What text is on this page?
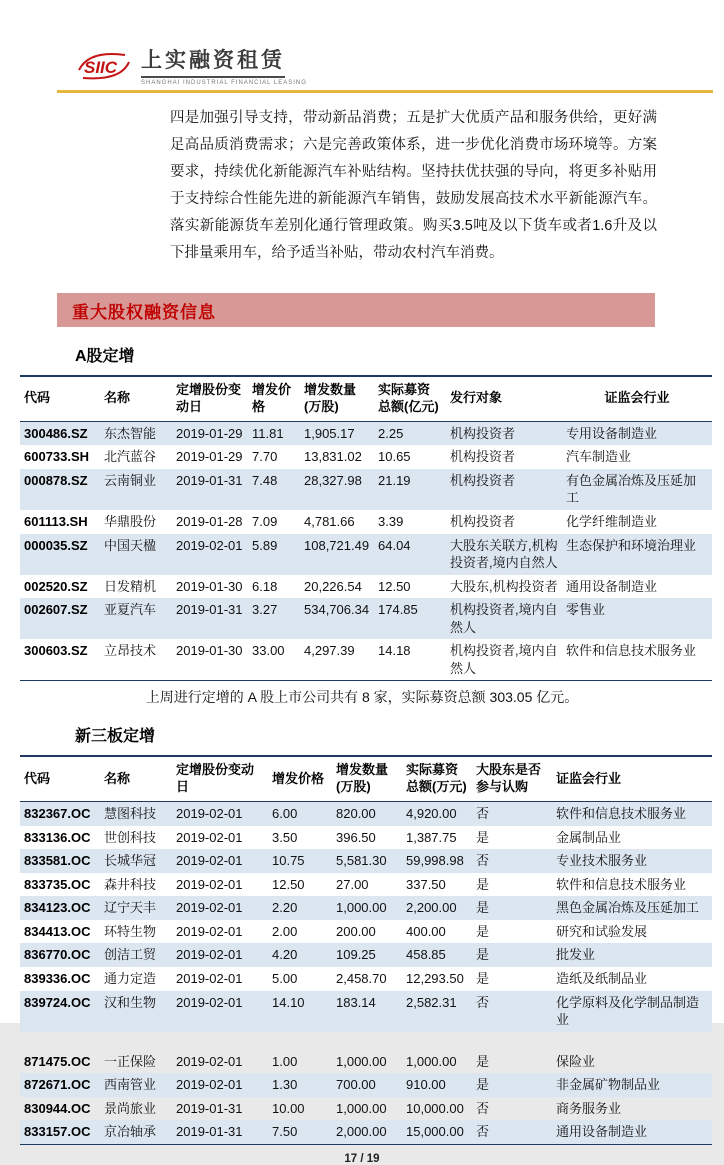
SIIC 上实融资租赁
SHANGHAI INDUSTRIAL FINANCIAL LEASING
四是加强引导支持，带动新品消费；五是扩大优质产品和服务供给，更好满足高品质消费需求；六是完善政策体系，进一步优化消费市场环境等。方案要求，持续优化新能源汽车补贴结构。坚持扶优扶强的导向，将更多补贴用于支持综合性能先进的新能源汽车销售，鼓励发展高技术水平新能源汽车。落实新能源货车差别化通行管理政策。购买3.5吨及以下货车或者1.6升及以下排量乘用车，给予适当补贴，带动农村汽车消费。
重大股权融资信息
A股定增
代码	名称	定增股份变动日	增发价格	增发数量(万股)	实际募资总额(亿元)	发行对象	证监会行业
300486.SZ	东杰智能	2019-01-29	11.81	1,905.17	2.25	机构投资者	专用设备制造业
600733.SH	北汽蓝谷	2019-01-29	7.70	13,831.02	10.65	机构投资者	汽车制造业
000878.SZ	云南铜业	2019-01-31	7.48	28,327.98	21.19	机构投资者	有色金属冶炼及压延加工
601113.SH	华鼎股份	2019-01-28	7.09	4,781.66	3.39	机构投资者	化学纤维制造业
000035.SZ	中国天楹	2019-02-01	5.89	108,721.49	64.04	大股东关联方,机构投资者,境内自然人	生态保护和环境治理业
002520.SZ	日发精机	2019-01-30	6.18	20,226.54	12.50	大股东,机构投资者	通用设备制造业
002607.SZ	亚夏汽车	2019-01-31	3.27	534,706.34	174.85	机构投资者,境内自然人	零售业
300603.SZ	立昂技术	2019-01-30	33.00	4,297.39	14.18	机构投资者,境内自然人	软件和信息技术服务业
上周进行定增的 A 股上市公司共有 8 家，实际募资总额 303.05 亿元。
新三板定增
代码	名称	定增股份变动日	增发价格	增发数量(万股)	实际募资总额(万元)	大股东是否参与认购	证监会行业
832367.OC	慧图科技	2019-02-01	6.00	820.00	4,920.00	否	软件和信息技术服务业
833136.OC	世创科技	2019-02-01	3.50	396.50	1,387.75	是	金属制品业
833581.OC	长城华冠	2019-02-01	10.75	5,581.30	59,998.98	否	专业技术服务业
833735.OC	森井科技	2019-02-01	12.50	27.00	337.50	是	软件和信息技术服务业
834123.OC	辽宁天丰	2019-02-01	2.20	1,000.00	2,200.00	是	黑色金属冶炼及压延加工
834413.OC	环特生物	2019-02-01	2.00	200.00	400.00	是	研究和试验发展
836770.OC	创洁工贸	2019-02-01	4.20	109.25	458.85	是	批发业
839336.OC	通力定造	2019-02-01	5.00	2,458.70	12,293.50	是	造纸及纸制品业
839724.OC	汉和生物	2019-02-01	14.10	183.14	2,582.31	否	化学原料及化学制品制造业

871475.OC	一正保险	2019-02-01	1.00	1,000.00	1,000.00	是	保险业
872671.OC	西南管业	2019-02-01	1.30	700.00	910.00	是	非金属矿物制品业
830944.OC	景尚旅业	2019-01-31	10.00	1,000.00	10,000.00	否	商务服务业
833157.OC	京冶轴承	2019-01-31	7.50	2,000.00	15,000.00	否	通用设备制造业
17 / 19
